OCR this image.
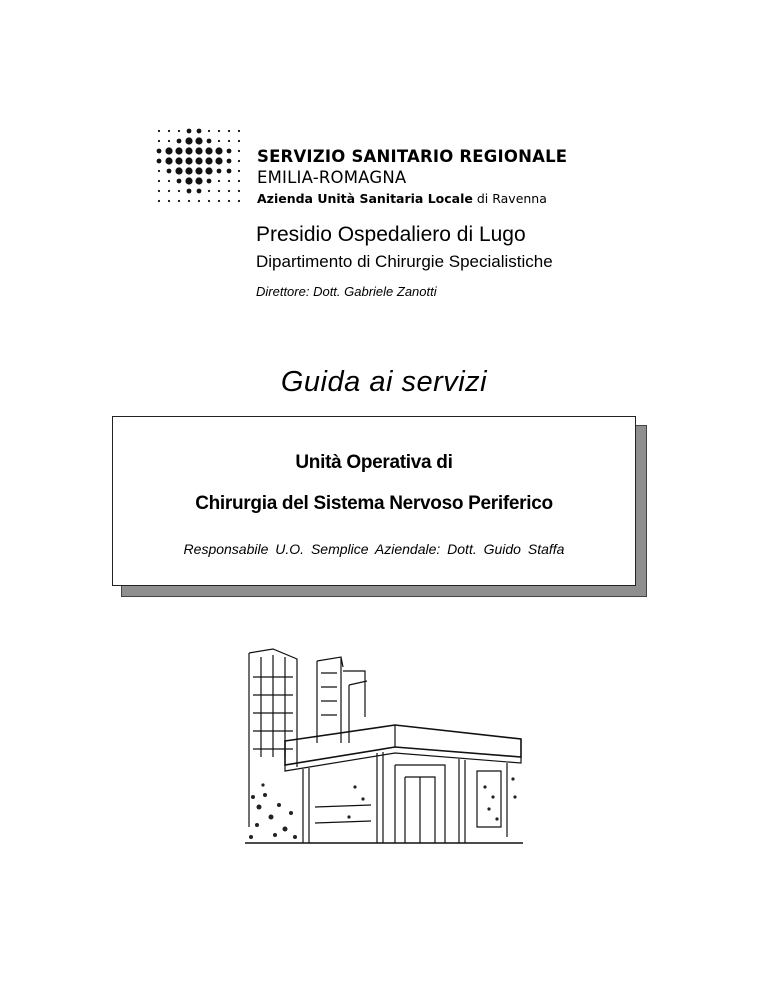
SERVIZIO SANITARIO REGIONALE
EMILIA-ROMAGNA
Azienda Unità Sanitaria Locale di Ravenna
Presidio Ospedaliero di Lugo
Dipartimento di Chirurgie Specialistiche
Direttore: Dott. Gabriele Zanotti
Guida ai servizi
Unità Operativa di
Chirurgia del Sistema Nervoso Periferico
Responsabile U.O. Semplice Aziendale: Dott. Guido Staffa
